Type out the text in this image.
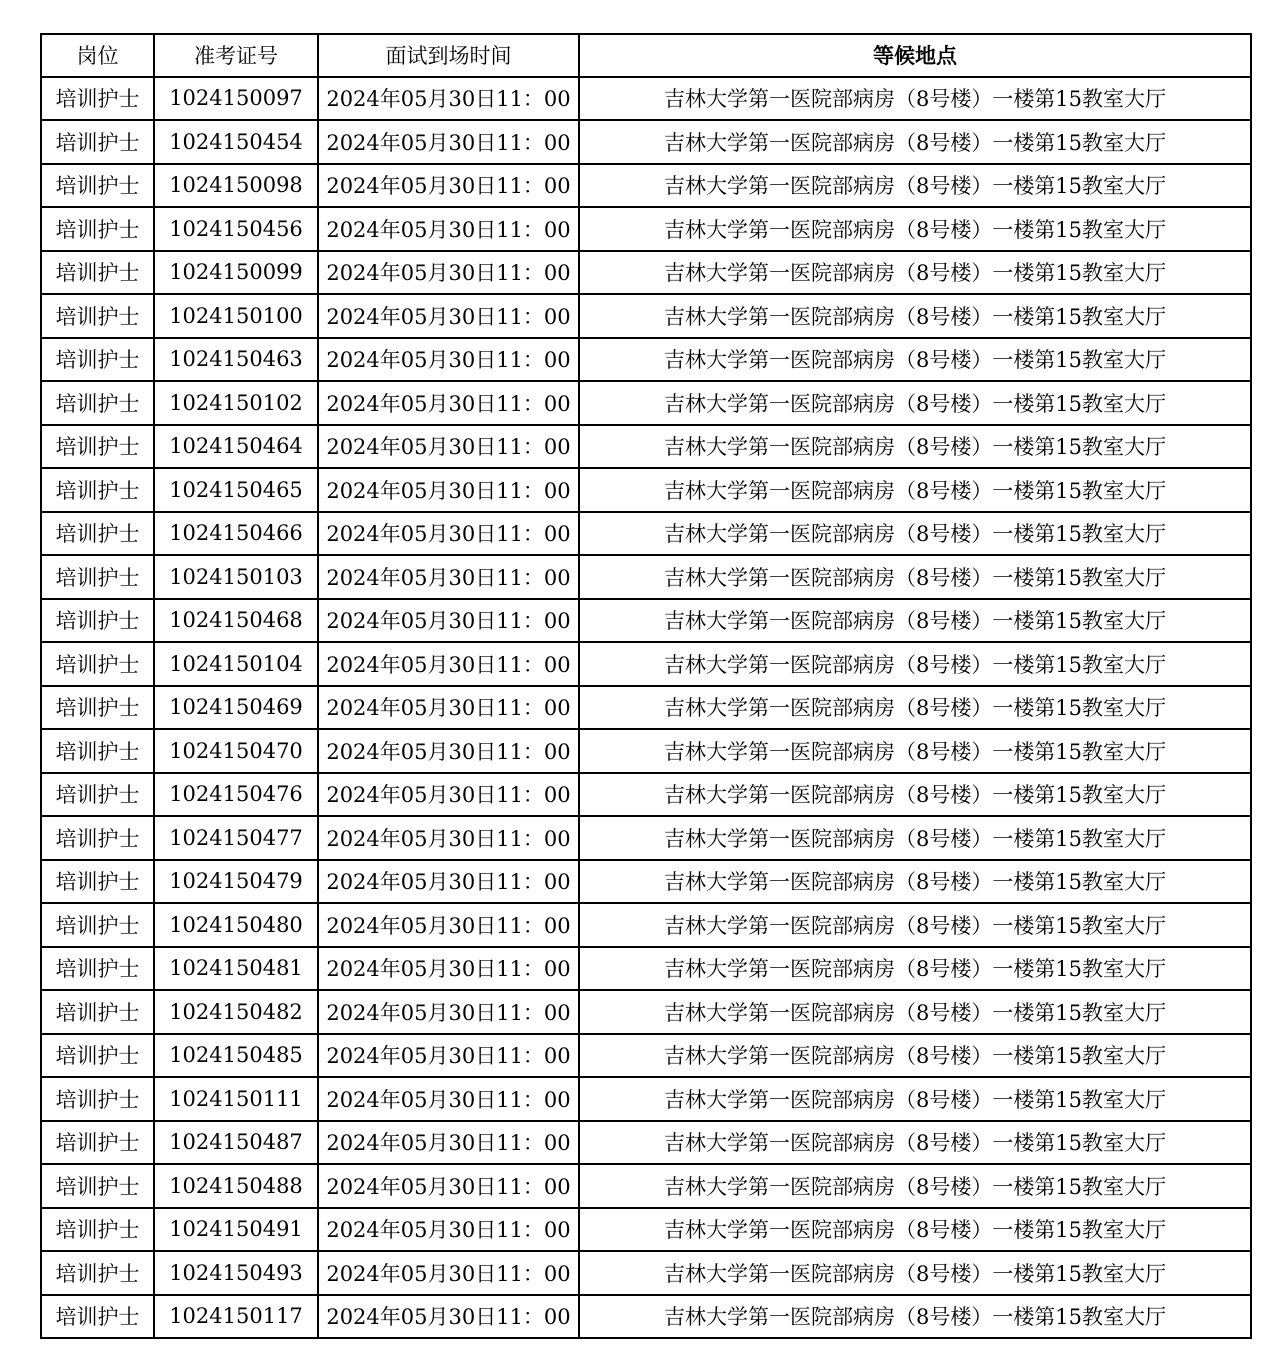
岗位	准考证号	面试到场时间	等候地点
培训护士	1024150097	2024年05月30日11：00	吉林大学第一医院部病房（8号楼）一楼第15教室大厅
培训护士	1024150454	2024年05月30日11：00	吉林大学第一医院部病房（8号楼）一楼第15教室大厅
培训护士	1024150098	2024年05月30日11：00	吉林大学第一医院部病房（8号楼）一楼第15教室大厅
培训护士	1024150456	2024年05月30日11：00	吉林大学第一医院部病房（8号楼）一楼第15教室大厅
培训护士	1024150099	2024年05月30日11：00	吉林大学第一医院部病房（8号楼）一楼第15教室大厅
培训护士	1024150100	2024年05月30日11：00	吉林大学第一医院部病房（8号楼）一楼第15教室大厅
培训护士	1024150463	2024年05月30日11：00	吉林大学第一医院部病房（8号楼）一楼第15教室大厅
培训护士	1024150102	2024年05月30日11：00	吉林大学第一医院部病房（8号楼）一楼第15教室大厅
培训护士	1024150464	2024年05月30日11：00	吉林大学第一医院部病房（8号楼）一楼第15教室大厅
培训护士	1024150465	2024年05月30日11：00	吉林大学第一医院部病房（8号楼）一楼第15教室大厅
培训护士	1024150466	2024年05月30日11：00	吉林大学第一医院部病房（8号楼）一楼第15教室大厅
培训护士	1024150103	2024年05月30日11：00	吉林大学第一医院部病房（8号楼）一楼第15教室大厅
培训护士	1024150468	2024年05月30日11：00	吉林大学第一医院部病房（8号楼）一楼第15教室大厅
培训护士	1024150104	2024年05月30日11：00	吉林大学第一医院部病房（8号楼）一楼第15教室大厅
培训护士	1024150469	2024年05月30日11：00	吉林大学第一医院部病房（8号楼）一楼第15教室大厅
培训护士	1024150470	2024年05月30日11：00	吉林大学第一医院部病房（8号楼）一楼第15教室大厅
培训护士	1024150476	2024年05月30日11：00	吉林大学第一医院部病房（8号楼）一楼第15教室大厅
培训护士	1024150477	2024年05月30日11：00	吉林大学第一医院部病房（8号楼）一楼第15教室大厅
培训护士	1024150479	2024年05月30日11：00	吉林大学第一医院部病房（8号楼）一楼第15教室大厅
培训护士	1024150480	2024年05月30日11：00	吉林大学第一医院部病房（8号楼）一楼第15教室大厅
培训护士	1024150481	2024年05月30日11：00	吉林大学第一医院部病房（8号楼）一楼第15教室大厅
培训护士	1024150482	2024年05月30日11：00	吉林大学第一医院部病房（8号楼）一楼第15教室大厅
培训护士	1024150485	2024年05月30日11：00	吉林大学第一医院部病房（8号楼）一楼第15教室大厅
培训护士	1024150111	2024年05月30日11：00	吉林大学第一医院部病房（8号楼）一楼第15教室大厅
培训护士	1024150487	2024年05月30日11：00	吉林大学第一医院部病房（8号楼）一楼第15教室大厅
培训护士	1024150488	2024年05月30日11：00	吉林大学第一医院部病房（8号楼）一楼第15教室大厅
培训护士	1024150491	2024年05月30日11：00	吉林大学第一医院部病房（8号楼）一楼第15教室大厅
培训护士	1024150493	2024年05月30日11：00	吉林大学第一医院部病房（8号楼）一楼第15教室大厅
培训护士	1024150117	2024年05月30日11：00	吉林大学第一医院部病房（8号楼）一楼第15教室大厅
